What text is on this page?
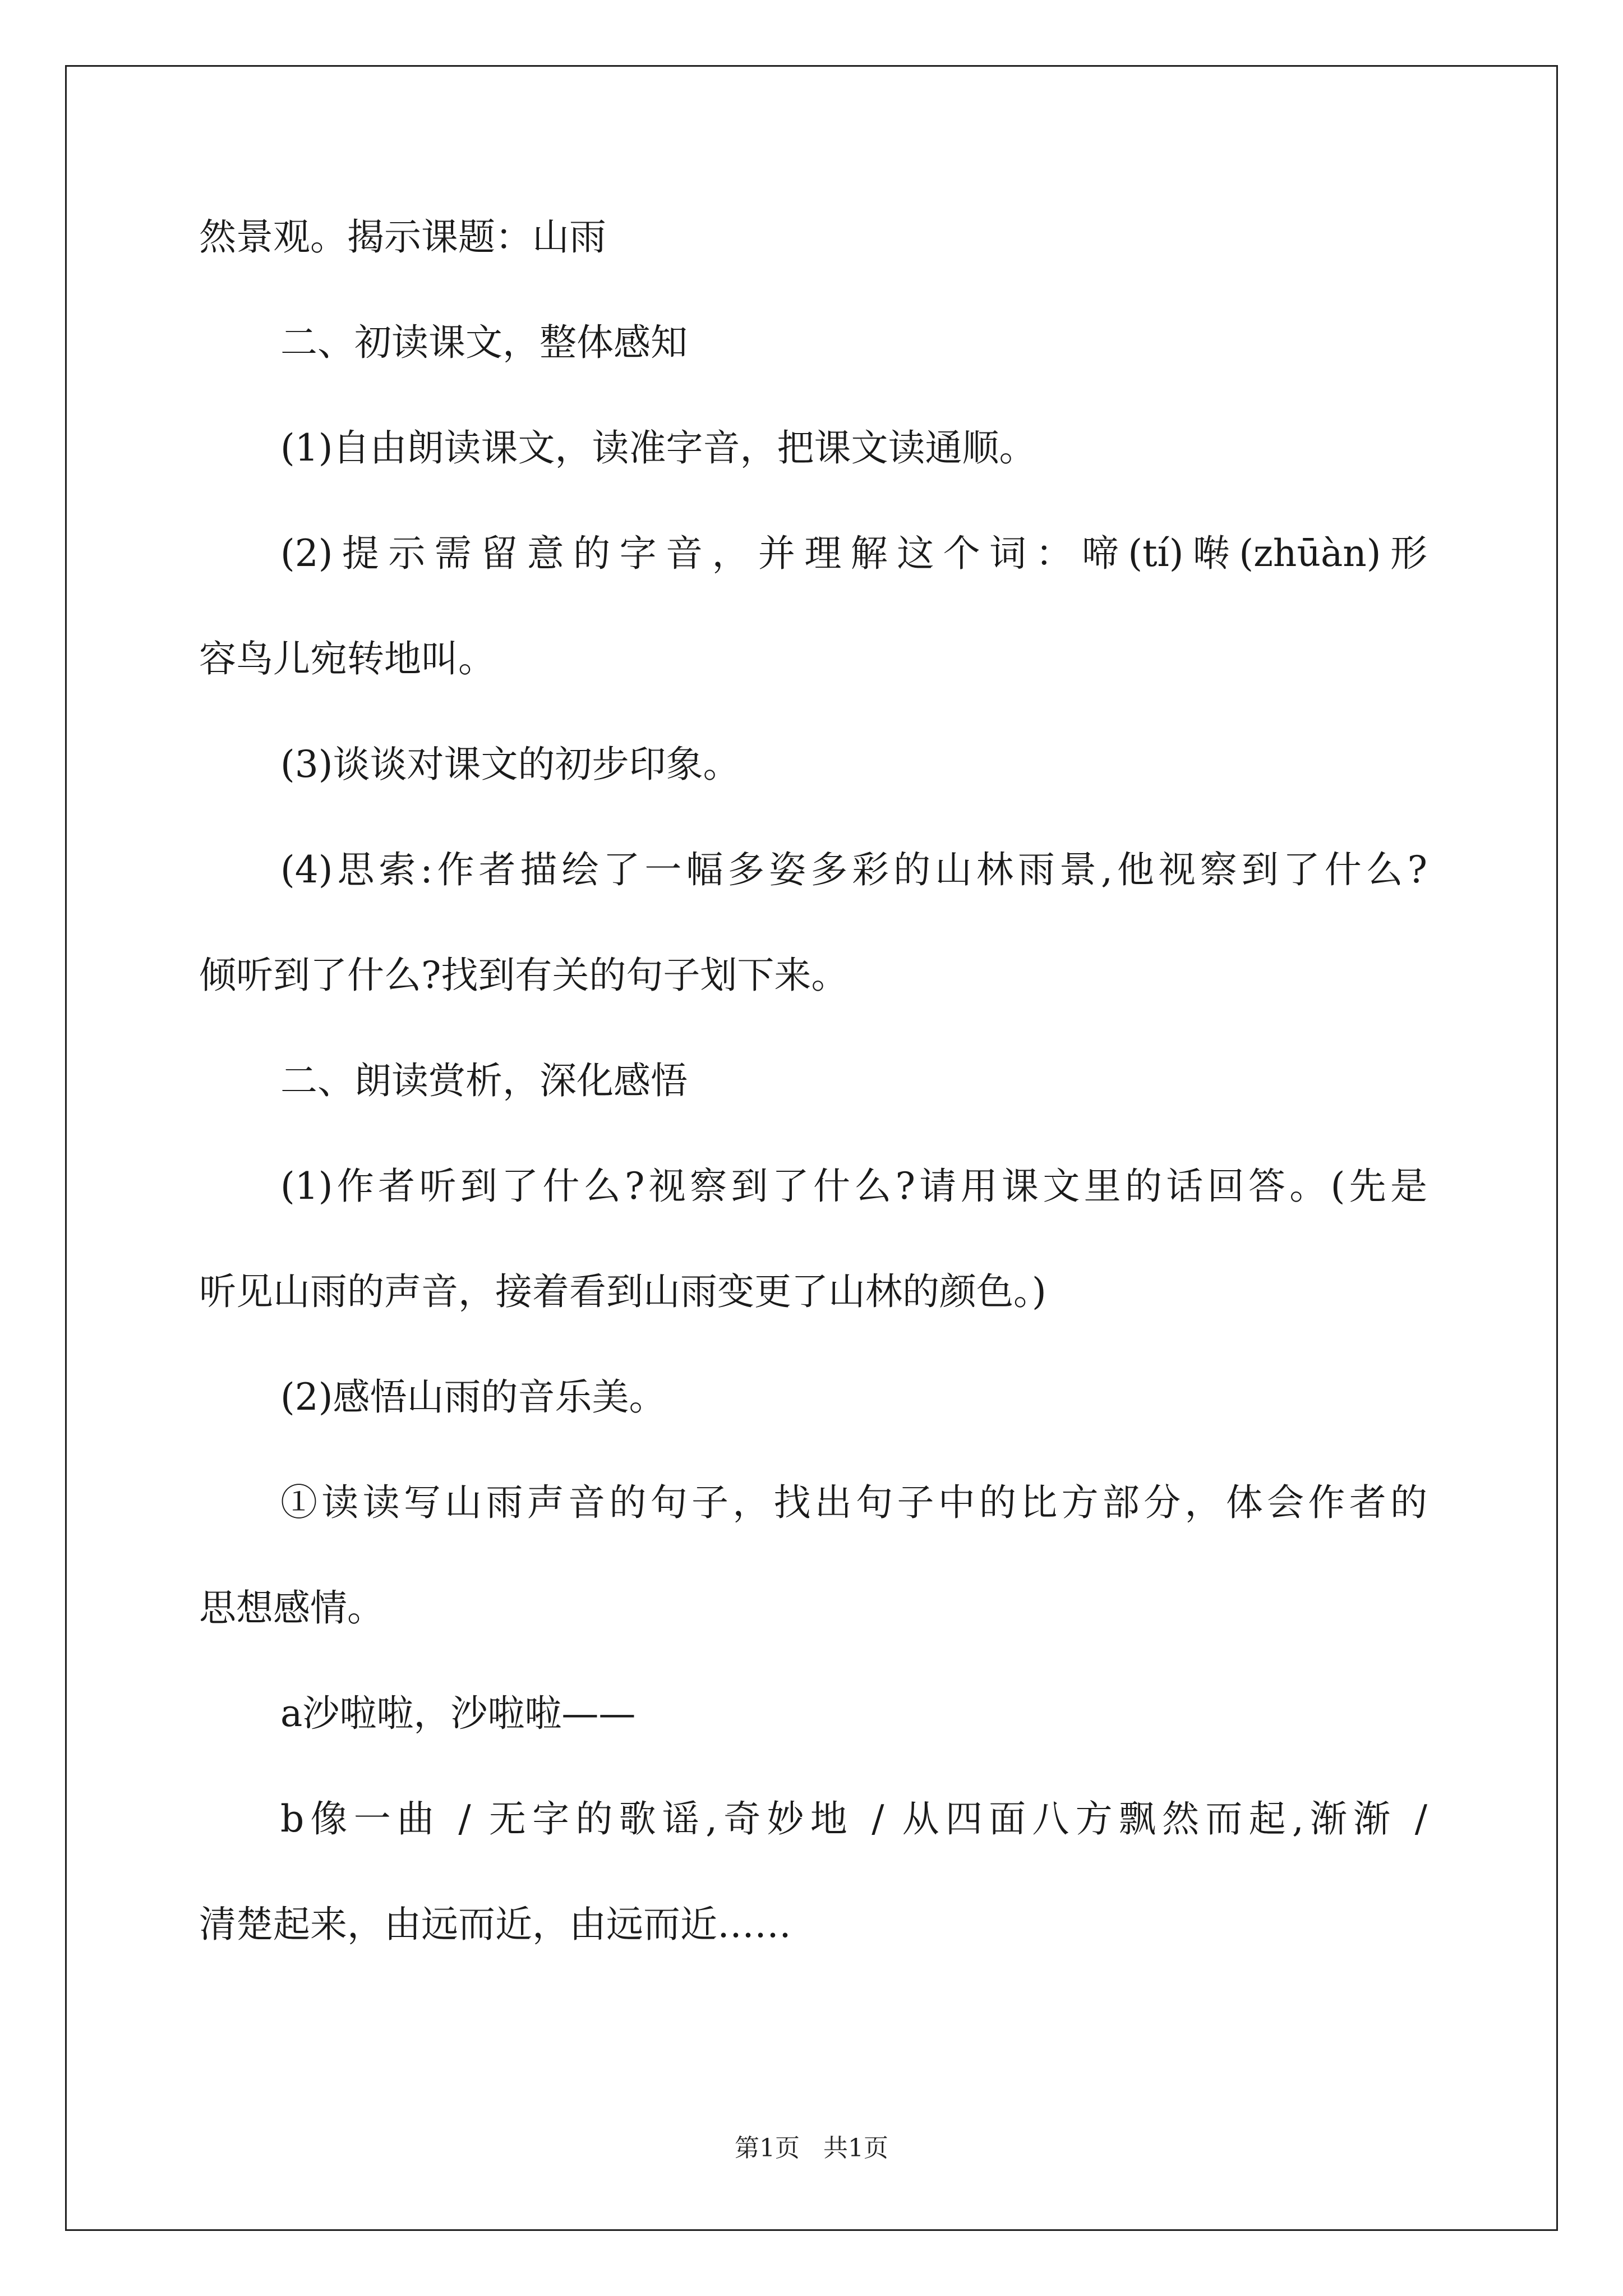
然景观。揭示课题：山雨
二、初读课文，整体感知
(1)自由朗读课文，读准字音，把课文读通顺。
(2)提示需留意的字音，并理解这个词：啼(tí)啭(zhūàn)形
容鸟儿宛转地叫。
(3)谈谈对课文的初步印象。
(4)思索:作者描绘了一幅多姿多彩的山林雨景,他视察到了什么?
倾听到了什么?找到有关的句子划下来。
二、朗读赏析，深化感悟
(1)作者听到了什么?视察到了什么?请用课文里的话回答。(先是
听见山雨的声音，接着看到山雨变更了山林的颜色。)
(2)感悟山雨的音乐美。
①读读写山雨声音的句子，找出句子中的比方部分，体会作者的
思想感情。
a沙啦啦，沙啦啦——
b像一曲 / 无字的歌谣,奇妙地 / 从四面八方飘然而起,渐渐 /
清楚起来，由远而近，由远而近……
第1页 共1页
